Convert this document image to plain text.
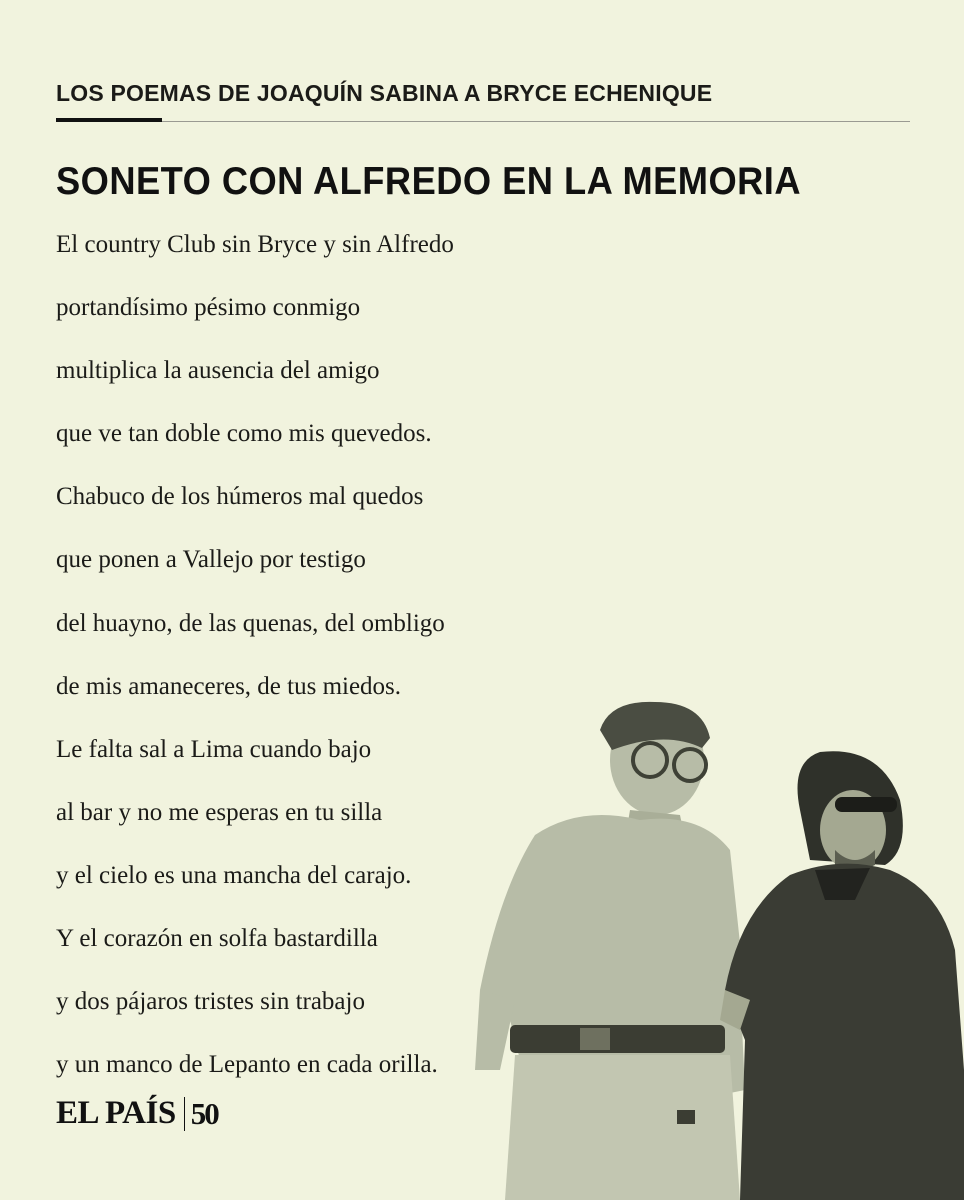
LOS POEMAS DE JOAQUÍN SABINA A BRYCE ECHENIQUE
SONETO CON ALFREDO EN LA MEMORIA
El country Club sin Bryce y sin Alfredo
portandísimo pésimo conmigo
multiplica la ausencia del amigo
que ve tan doble como mis quevedos.
Chabuco de los húmeros mal quedos
que ponen a Vallejo por testigo
del huayno, de las quenas, del ombligo
de mis amaneceres, de tus miedos.
Le falta sal a Lima cuando bajo
al bar y no me esperas en tu silla
y el cielo es una mancha del carajo.
Y el corazón en solfa bastardilla
y dos pájaros tristes sin trabajo
y un manco de Lepanto en cada orilla.
EL PAÍS 50
